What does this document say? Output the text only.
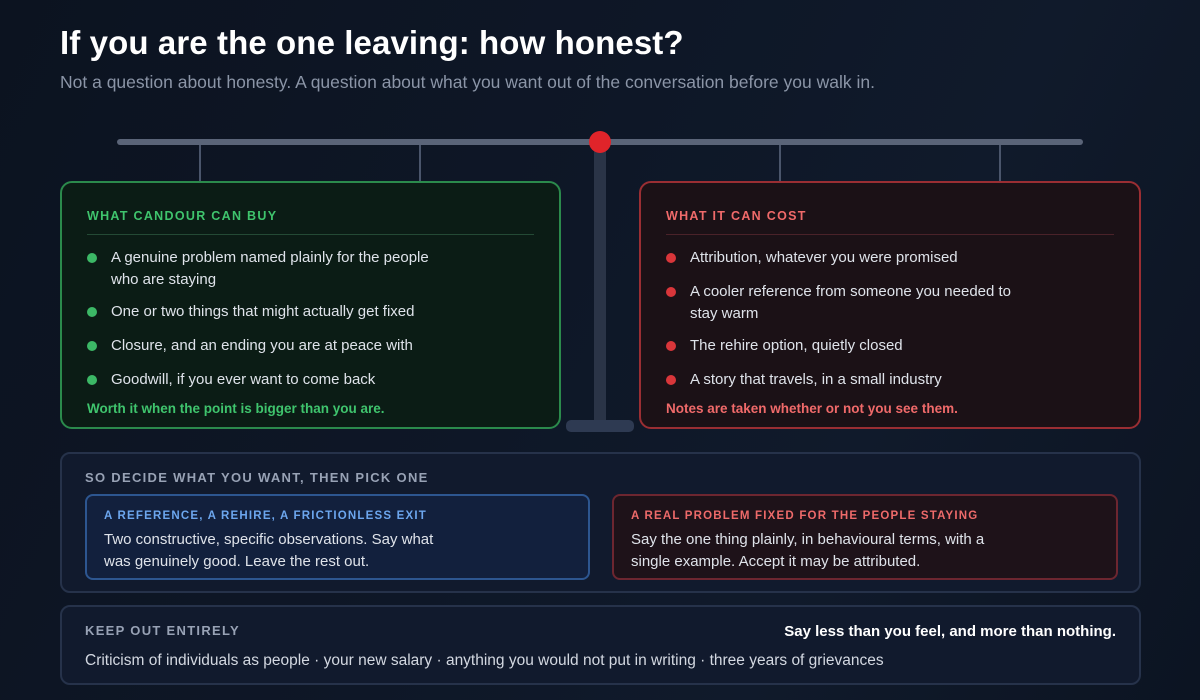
If you are the one leaving: how honest?
Not a question about honesty. A question about what you want out of the conversation before you walk in.
WHAT CANDOUR CAN BUY
A genuine problem named plainly for the people who are staying
One or two things that might actually get fixed
Closure, and an ending you are at peace with
Goodwill, if you ever want to come back
Worth it when the point is bigger than you are.
WHAT IT CAN COST
Attribution, whatever you were promised
A cooler reference from someone you needed to stay warm
The rehire option, quietly closed
A story that travels, in a small industry
Notes are taken whether or not you see them.
SO DECIDE WHAT YOU WANT, THEN PICK ONE
A REFERENCE, A REHIRE, A FRICTIONLESS EXIT
Two constructive, specific observations. Say what was genuinely good. Leave the rest out.
A REAL PROBLEM FIXED FOR THE PEOPLE STAYING
Say the one thing plainly, in behavioural terms, with a single example. Accept it may be attributed.
KEEP OUT ENTIRELY	Say less than you feel, and more than nothing.
Criticism of individuals as people · your new salary · anything you would not put in writing · three years of grievances
